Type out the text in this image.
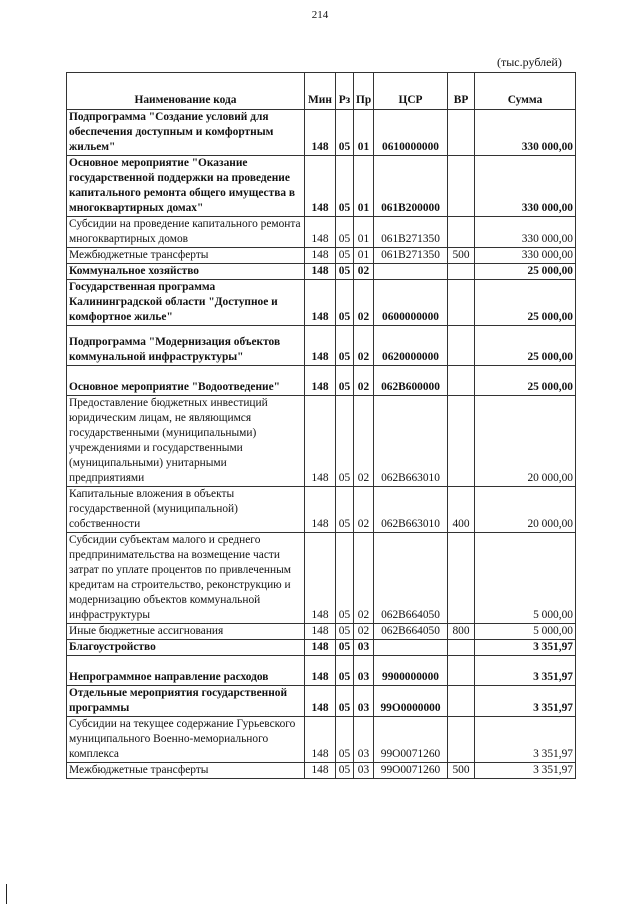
214
(тыс.рублей)
Наименование кода	Мин	Рз	Пр	ЦСР	ВР	Сумма
Подпрограмма "Создание условий для обеспечения доступным и комфортным жильем"	148	05	01	0610000000		330 000,00
Основное мероприятие "Оказание государственной поддержки на проведение капитального ремонта общего имущества в многоквартирных домах"	148	05	01	061B200000		330 000,00
Субсидии на проведение капитального ремонта многоквартирных домов	148	05	01	061B271350		330 000,00
Межбюджетные трансферты	148	05	01	061B271350	500	330 000,00
Коммунальное хозяйство	148	05	02			25 000,00
Государственная программа Калининградской области "Доступное и комфортное жилье"	148	05	02	0600000000		25 000,00
Подпрограмма "Модернизация объектов коммунальной инфраструктуры"	148	05	02	0620000000		25 000,00
Основное мероприятие "Водоотведение"	148	05	02	062B600000		25 000,00
Предоставление бюджетных инвестиций юридическим лицам, не являющимся государственными (муниципальными) учреждениями и государственными (муниципальными) унитарными предприятиями	148	05	02	062B663010		20 000,00
Капитальные вложения в объекты государственной (муниципальной) собственности	148	05	02	062B663010	400	20 000,00
Субсидии субъектам малого и среднего предпринимательства на возмещение части затрат по уплате процентов по привлеченным кредитам на строительство, реконструкцию и модернизацию объектов коммунальной инфраструктуры	148	05	02	062B664050		5 000,00
Иные бюджетные ассигнования	148	05	02	062B664050	800	5 000,00
Благоустройство	148	05	03			3 351,97
Непрограммное направление расходов	148	05	03	9900000000		3 351,97
Отдельные мероприятия государственной программы	148	05	03	99О0000000		3 351,97
Субсидии на текущее содержание Гурьевского муниципального Военно-мемориального комплекса	148	05	03	99О0071260		3 351,97
Межбюджетные трансферты	148	05	03	99О0071260	500	3 351,97
